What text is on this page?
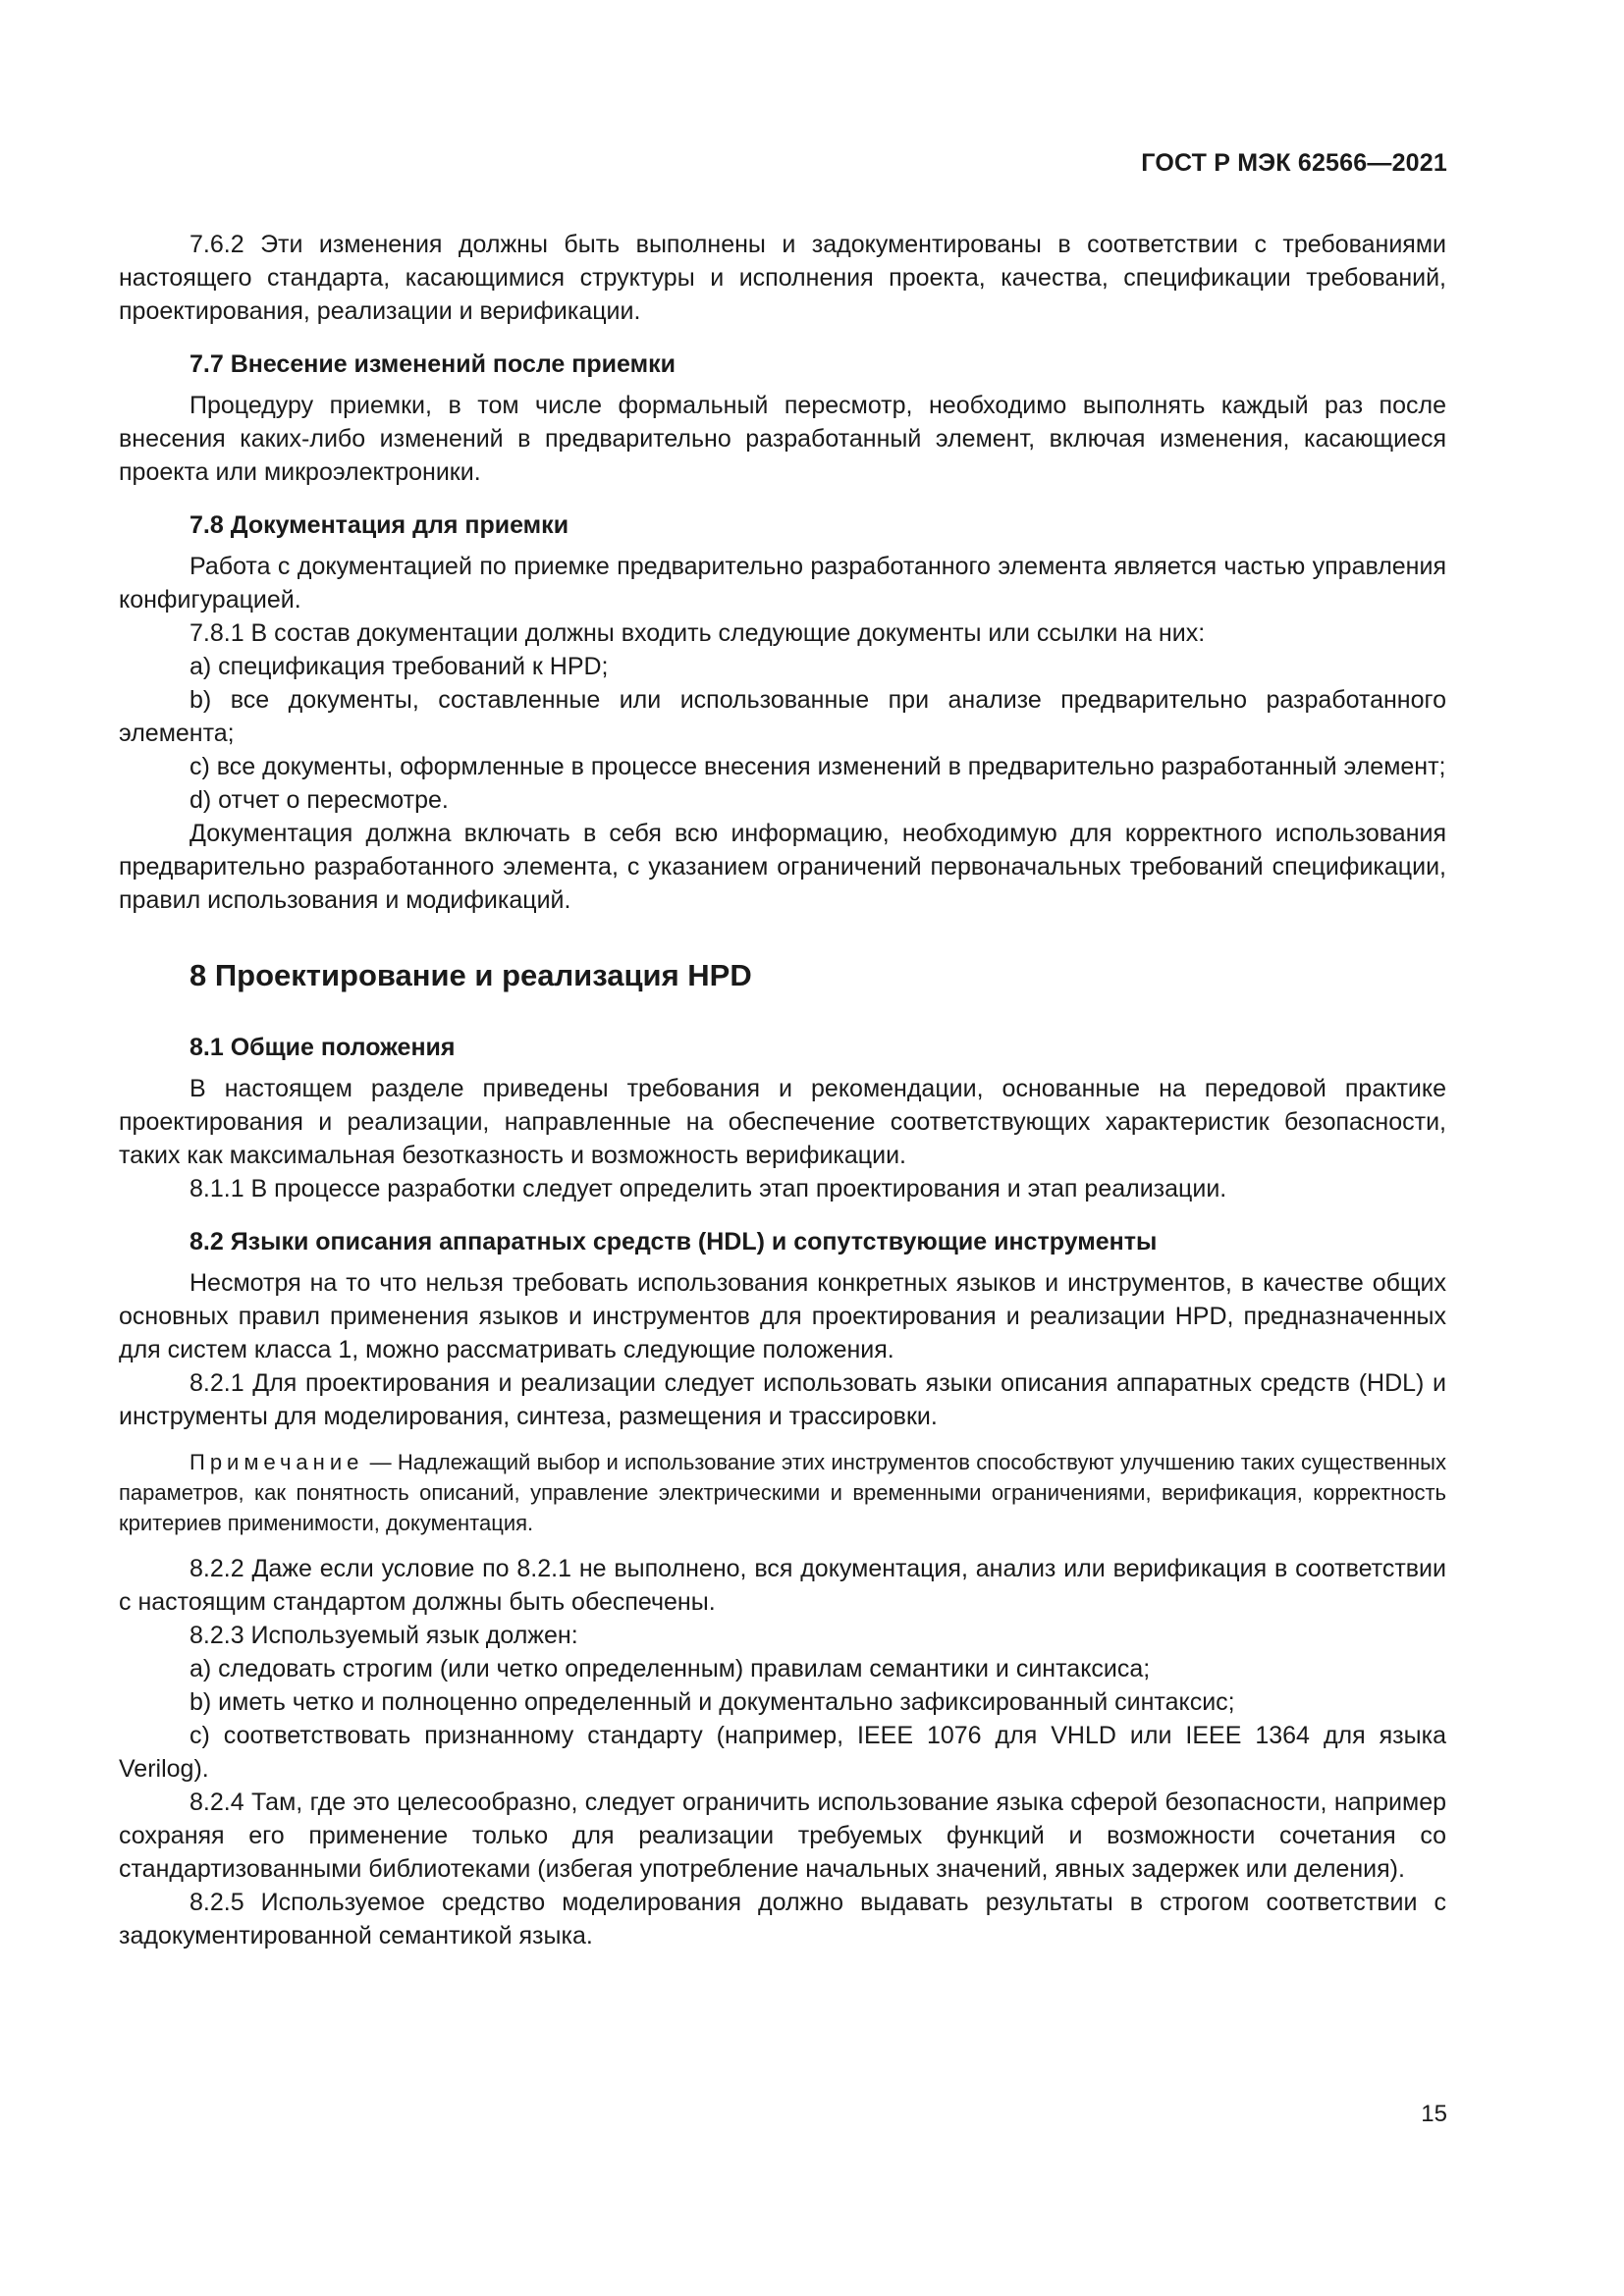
ГОСТ Р МЭК 62566—2021

7.6.2 Эти изменения должны быть выполнены и задокументированы в соответствии с требованиями настоящего стандарта, касающимися структуры и исполнения проекта, качества, спецификации требований, проектирования, реализации и верификации.

7.7 Внесение изменений после приемки

Процедуру приемки, в том числе формальный пересмотр, необходимо выполнять каждый раз после внесения каких-либо изменений в предварительно разработанный элемент, включая изменения, касающиеся проекта или микроэлектроники.

7.8 Документация для приемки

Работа с документацией по приемке предварительно разработанного элемента является частью управления конфигурацией.

7.8.1 В состав документации должны входить следующие документы или ссылки на них:

a) спецификация требований к HPD;

b) все документы, составленные или использованные при анализе предварительно разработанного элемента;

c) все документы, оформленные в процессе внесения изменений в предварительно разработанный элемент;

d) отчет о пересмотре.

Документация должна включать в себя всю информацию, необходимую для корректного использования предварительно разработанного элемента, с указанием ограничений первоначальных требований спецификации, правил использования и модификаций.

8 Проектирование и реализация HPD
8.1 Общие положения

В настоящем разделе приведены требования и рекомендации, основанные на передовой практике проектирования и реализации, направленные на обеспечение соответствующих характеристик безопасности, таких как максимальная безотказность и возможность верификации.

8.1.1 В процессе разработки следует определить этап проектирования и этап реализации.

8.2 Языки описания аппаратных средств (HDL) и сопутствующие инструменты

Несмотря на то что нельзя требовать использования конкретных языков и инструментов, в качестве общих основных правил применения языков и инструментов для проектирования и реализации HPD, предназначенных для систем класса 1, можно рассматривать следующие положения.

8.2.1 Для проектирования и реализации следует использовать языки описания аппаратных средств (HDL) и инструменты для моделирования, синтеза, размещения и трассировки.

Примечание — Надлежащий выбор и использование этих инструментов способствуют улучшению таких существенных параметров, как понятность описаний, управление электрическими и временными ограничениями, верификация, корректность критериев применимости, документация.

8.2.2 Даже если условие по 8.2.1 не выполнено, вся документация, анализ или верификация в соответствии с настоящим стандартом должны быть обеспечены.

8.2.3 Используемый язык должен:

a) следовать строгим (или четко определенным) правилам семантики и синтаксиса;

b) иметь четко и полноценно определенный и документально зафиксированный синтаксис;

c) соответствовать признанному стандарту (например, IEEE 1076 для VHLD или IEEE 1364 для языка Verilog).

8.2.4 Там, где это целесообразно, следует ограничить использование языка сферой безопасности, например сохраняя его применение только для реализации требуемых функций и возможности сочетания со стандартизованными библиотеками (избегая употребление начальных значений, явных задержек или деления).

8.2.5 Используемое средство моделирования должно выдавать результаты в строгом соответствии с задокументированной семантикой языка.

15
